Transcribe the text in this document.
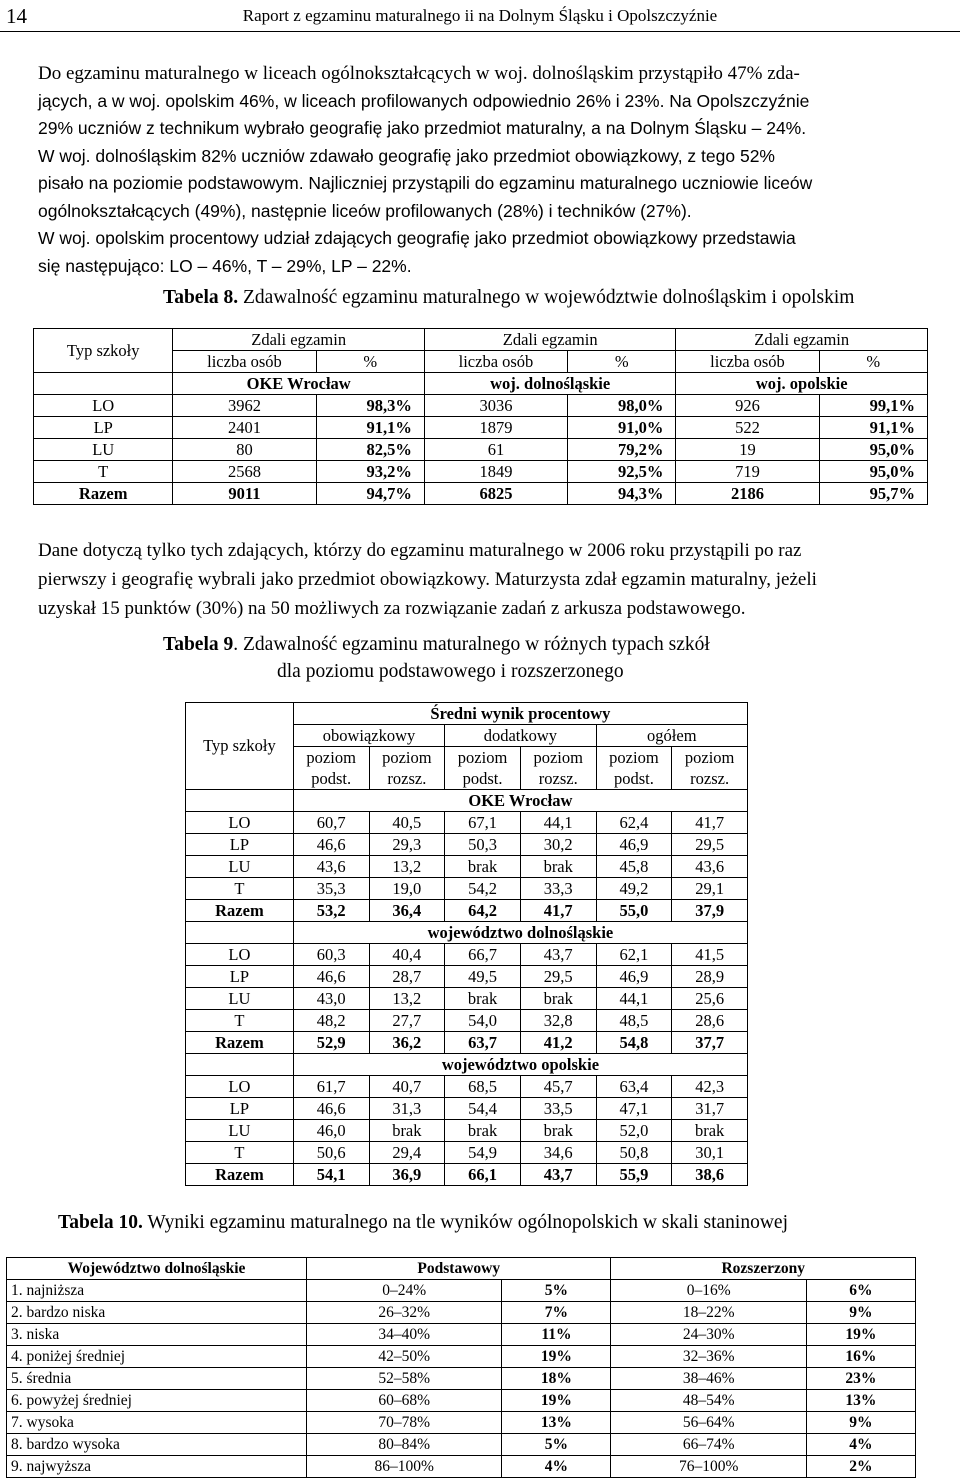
14	Raport z egzaminu maturalnego ii na Dolnym Śląsku i Opolszczyźnie
Do egzaminu maturalnego w liceach ogólnokształcących w woj. dolnośląskim przystąpiło 47% zda-
jących, a w woj. opolskim 46%, w liceach profilowanych odpowiednio 26% i 23%. Na Opolszczyźnie
29% uczniów z technikum wybrało geografię jako przedmiot maturalny, a na Dolnym Śląsku – 24%.
W woj. dolnośląskim 82% uczniów zdawało geografię jako przedmiot obowiązkowy, z tego 52%
pisało na poziomie podstawowym. Najliczniej przystąpili do egzaminu maturalnego uczniowie liceów
ogólnokształcących (49%), następnie liceów profilowanych (28%) i techników (27%).
W woj. opolskim procentowy udział zdających geografię jako przedmiot obowiązkowy przedstawia
się następująco: LO – 46%, T – 29%, LP – 22%.
Tabela 8. Zdawalność egzaminu maturalnego w województwie dolnośląskim i opolskim
Typ szkoły	Zdali egzamin		Zdali egzamin		Zdali egzamin	
	liczba osób	%	liczba osób	%	liczba osób	%
	OKE Wrocław		woj. dolnośląskie		woj. opolskie	
LO	3962	98,3%	3036	98,0%	926	99,1%
LP	2401	91,1%	1879	91,0%	522	91,1%
LU	80	82,5%	61	79,2%	19	95,0%
T	2568	93,2%	1849	92,5%	719	95,0%
Razem	9011	94,7%	6825	94,3%	2186	95,7%
Dane dotyczą tylko tych zdających, którzy do egzaminu maturalnego w 2006 roku przystąpili po raz
pierwszy i geografię wybrali jako przedmiot obowiązkowy. Maturzysta zdał egzamin maturalny, jeżeli
uzyskał 15 punktów (30%) na 50 możliwych za rozwiązanie zadań z arkusza podstawowego.
Tabela 9. Zdawalność egzaminu maturalnego w różnych typach szkół
dla poziomu podstawowego i rozszerzonego
Typ szkoły	Średni wynik procentowy					
	obowiązkowy		dodatkowy		ogółem	
	poziom	poziom	poziom	poziom	poziom	poziom
	podst.	rozsz.	podst.	rozsz.	podst.	rozsz.
	OKE Wrocław					
LO	60,7	40,5	67,1	44,1	62,4	41,7
LP	46,6	29,3	50,3	30,2	46,9	29,5
LU	43,6	13,2	brak	brak	45,8	43,6
T	35,3	19,0	54,2	33,3	49,2	29,1
Razem	53,2	36,4	64,2	41,7	55,0	37,9
	województwo dolnośląskie					
LO	60,3	40,4	66,7	43,7	62,1	41,5
LP	46,6	28,7	49,5	29,5	46,9	28,9
LU	43,0	13,2	brak	brak	44,1	25,6
T	48,2	27,7	54,0	32,8	48,5	28,6
Razem	52,9	36,2	63,7	41,2	54,8	37,7
	województwo opolskie					
LO	61,7	40,7	68,5	45,7	63,4	42,3
LP	46,6	31,3	54,4	33,5	47,1	31,7
LU	46,0	brak	brak	brak	52,0	brak
T	50,6	29,4	54,9	34,6	50,8	30,1
Razem	54,1	36,9	66,1	43,7	55,9	38,6
Tabela 10. Wyniki egzaminu maturalnego na tle wyników ogólnopolskich w skali staninowej
Województwo dolnośląskie	Podstawowy		Rozszerzony	
1. najniższa	0–24%	5%	0–16%	6%
2. bardzo niska	26–32%	7%	18–22%	9%
3. niska	34–40%	11%	24–30%	19%
4. poniżej średniej	42–50%	19%	32–36%	16%
5. średnia	52–58%	18%	38–46%	23%
6. powyżej średniej	60–68%	19%	48–54%	13%
7. wysoka	70–78%	13%	56–64%	9%
8. bardzo wysoka	80–84%	5%	66–74%	4%
9. najwyższa	86–100%	4%	76–100%	2%
